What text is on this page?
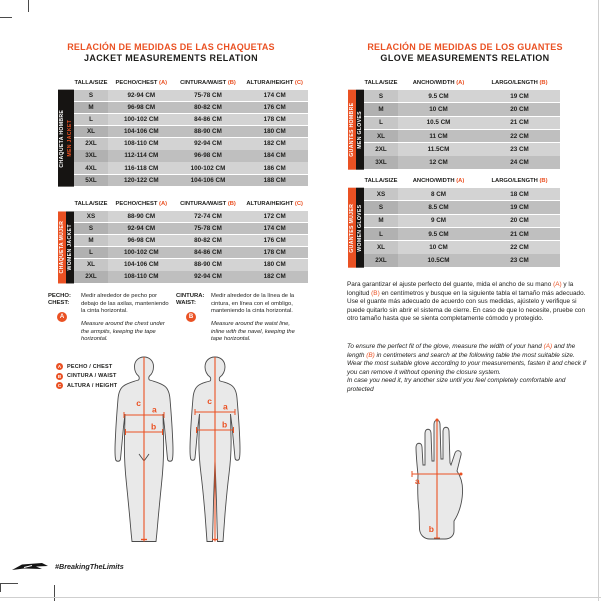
RELACIÓN DE MEDIDAS DE LAS CHAQUETAS
JACKET MEASUREMENTS RELATION
TALLA/SIZE	PECHO/CHEST (A)	CINTURA/WAIST (B)	ALTURA/HEIGHT (C)
CHAQUETA HOMBRE MEN JACKET
S	92-94 CM	75-78 CM	174 CM
M	96-98 CM	80-82 CM	176 CM
L	100-102 CM	84-86 CM	178 CM
XL	104-106 CM	88-90 CM	180 CM
2XL	108-110 CM	92-94 CM	182 CM
3XL	112-114 CM	96-98 CM	184 CM
4XL	116-118 CM	100-102 CM	186 CM
5XL	120-122 CM	104-106 CM	188 CM
TALLA/SIZE	PECHO/CHEST (A)	CINTURA/WAIST (B)	ALTURA/HEIGHT (C)
CHAQUETA MUJER WOMEN JACKET
XS	88-90 CM	72-74 CM	172 CM
S	92-94 CM	75-78 CM	174 CM
M	96-98 CM	80-82 CM	176 CM
L	100-102 CM	84-86 CM	178 CM
XL	104-106 CM	88-90 CM	180 CM
2XL	108-110 CM	92-94 CM	182 CM
PECHO:
CHEST:
A
Medir alrededor de pecho por debajo de las axilas, manteniendo la cinta horizontal.
Measure around the chest under the armpits, keeping the tape horizontal.
CINTURA:
WAIST:
B
Medir alrededor de la línea de la cintura, en línea con el ombligo, manteniendo la cinta horizontal.
Measure around the waist line, inline with the navel, keeping the tape horizontal.
A	PECHO / CHEST
B	CINTURA / WAIST
C	ALTURA / HEIGHT
c
a
b
c
a
b
RELACIÓN DE MEDIDAS DE LOS GUANTES
GLOVE MEASUREMENTS RELATION
TALLA/SIZE	ANCHO/WIDTH (A)	LARGO/LENGTH (B)
GUANTES HOMBRE MEN GLOVES
S	9.5 CM	19 CM
M	10 CM	20 CM
L	10.5 CM	21 CM
XL	11 CM	22 CM
2XL	11.5CM	23 CM
3XL	12 CM	24 CM
TALLA/SIZE	ANCHO/WIDTH (A)	LARGO/LENGTH (B)
GUANTES MUJER WOMEN GLOVES
XS	8 CM	18 CM
S	8.5 CM	19 CM
M	9 CM	20 CM
L	9.5 CM	21 CM
XL	10 CM	22 CM
2XL	10.5CM	23 CM
Para garantizar el ajuste perfecto del guante, mida el ancho de su mano (A) y la longitud (B) en centímetros y busque en la siguiente tabla el tamaño más adecuado.
Use el guante más adecuado de acuerdo con sus medidas, ajústelo y verifique si puede quitarlo sin abrir el sistema de cierre. En caso de que lo necesite, pruebe con otro tamaño hasta que se sienta completamente cómodo y protegido.
To ensure the perfect fit of the glove, measure the width of your hand (A) and the length (B) in centimeters and search at the following table the most suitable size. Wear the most suitable glove according to your measurements, fasten it and check if you can remove it without opening the closure system.
In case you need it, try another size until you feel completely comfortable and protected
a
b
#BreakingTheLimits
